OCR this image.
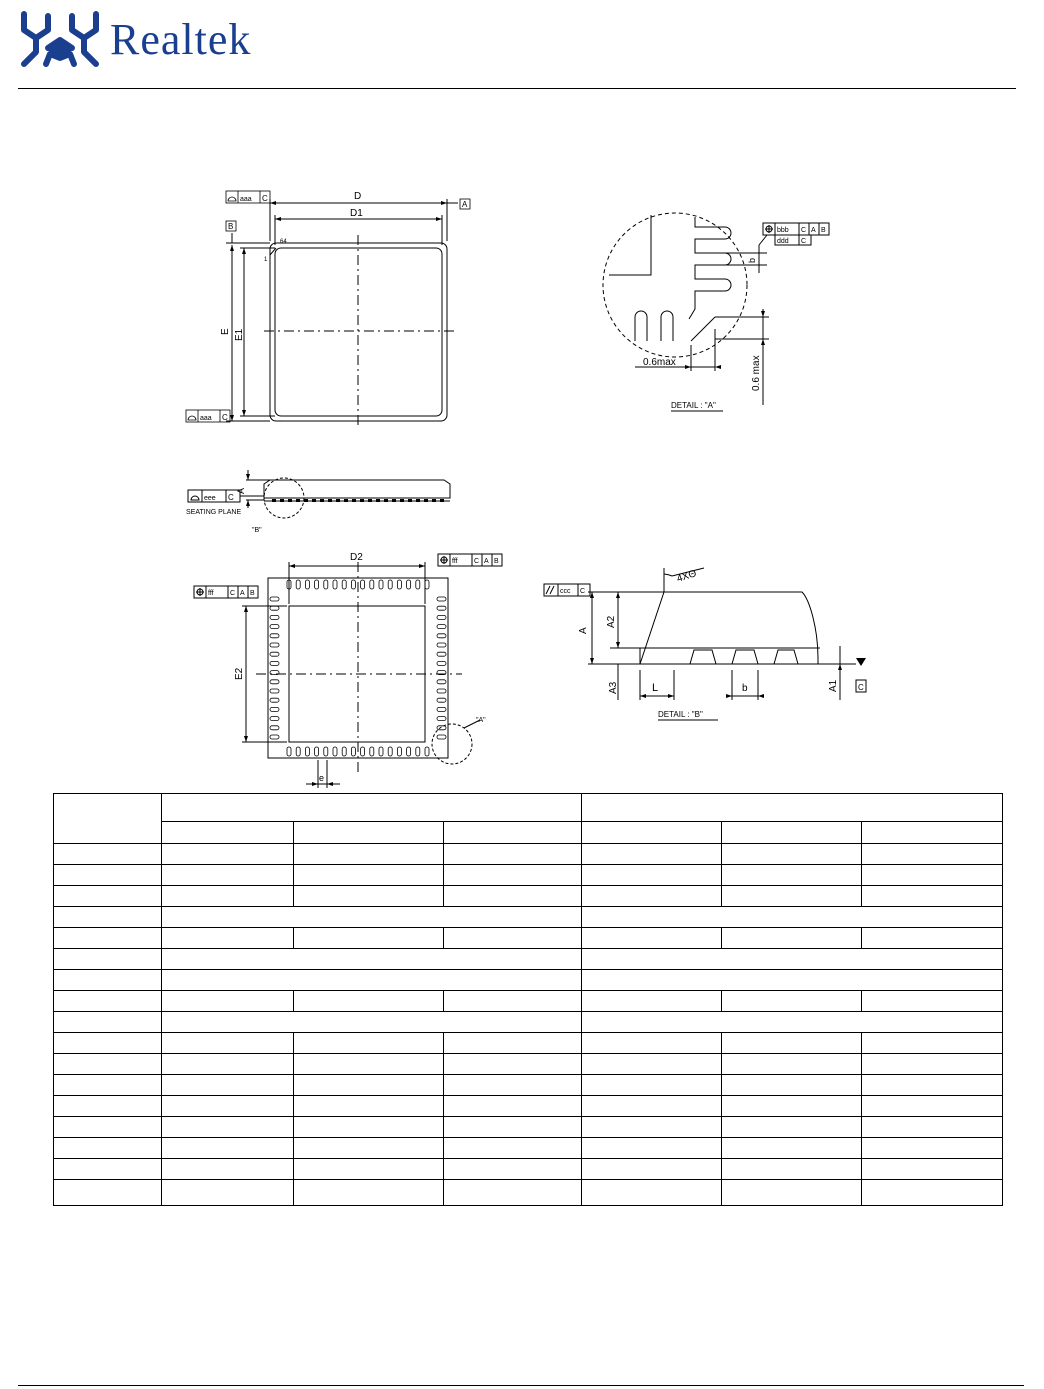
Realtek
aaa C
aaa C
D
D1
A
B
64
1
E E1
A
eee C
SEATING PLANE
"B"
D2
E2
e
fff C A B
fff C A B
"A"
bbb C A B
ddd C
b
0.6max	0.6 max
DETAIL : "A"
ccc C
4XΘ
A
A2
A3	A1
L	b	C
DETAIL : "B"
